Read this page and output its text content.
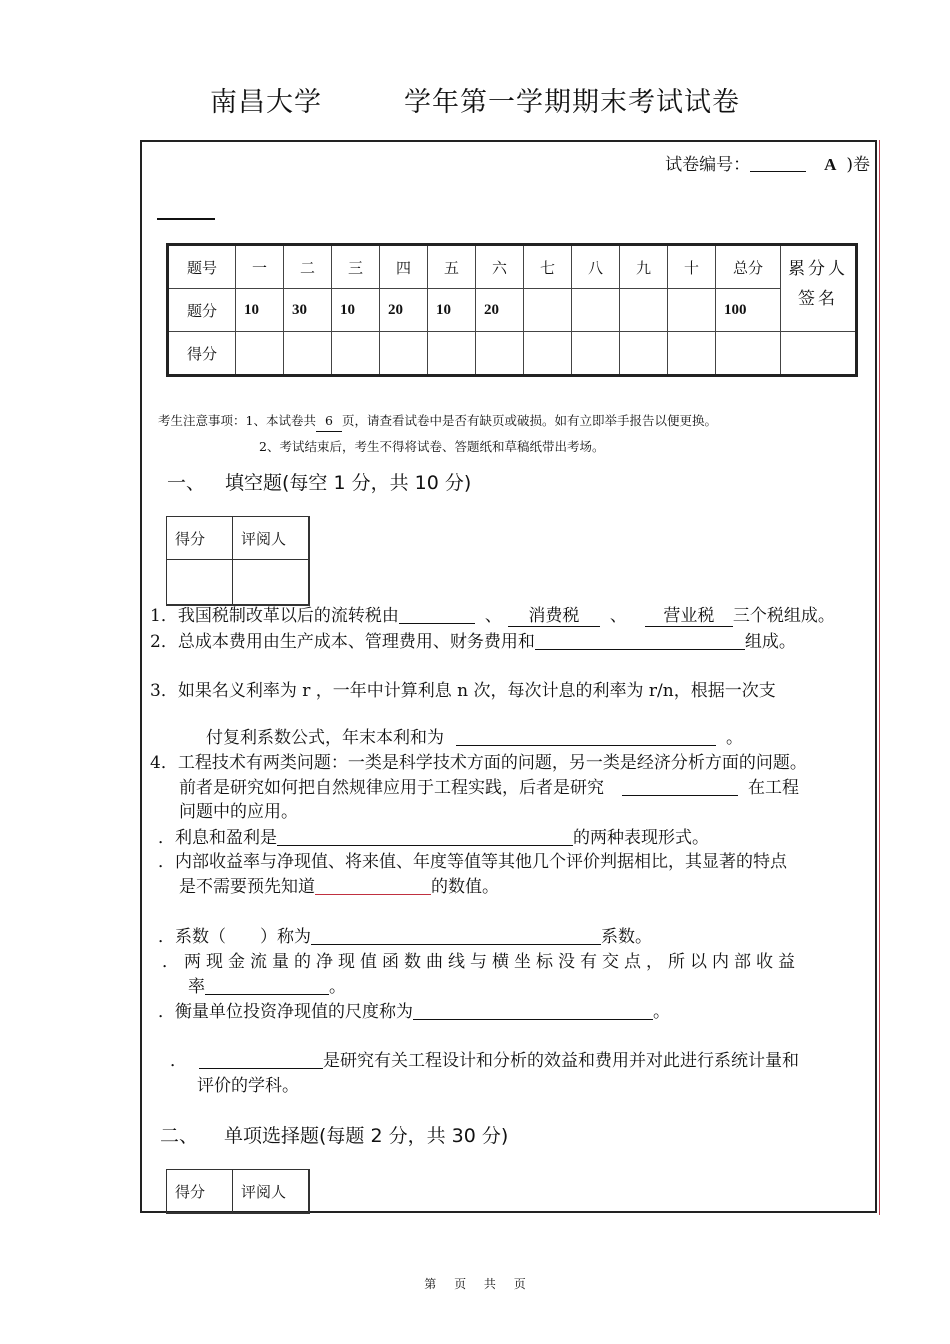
南昌大学	学年第一学期期末考试试卷
试卷编号：	A )卷
题号	一	二	三	四	五	六	七	八	九	十	总分	累分人
签名

题分	10	30	10	20	10	20					100	
得分												
考生注意事项：1、本试卷共 6 页，请查看试卷中是否有缺页或破损。如有立即举手报告以便更换。
2、考试结束后，考生不得将试卷、答题纸和草稿纸带出考场。
一、 填空题(每空 1 分，共 10 分)
得分	评阅人

1．我国税制改革以后的流转税由	、 消费税 、 营业税 三个税组成。
2．总成本费用由生产成本、管理费用、财务费用和	组成。
3．如果名义利率为 r ，一年中计算利息 n 次，每次计息的利率为 r/n，根据一次支
付复利系数公式，年末本利和为	。
4．工程技术有两类问题：一类是科学技术方面的问题，另一类是经济分析方面的问题。
前者是研究如何把自然规律应用于工程实践，后者是研究	在工程
问题中的应用。
．利息和盈利是	的两种表现形式。
．内部收益率与净现值、将来值、年度等值等其他几个评价判据相比，其显著的特点
是不需要预先知道	的数值。
．系数（　　）称为	系数。
．两现金流量的净现值函数曲线与横坐标没有交点，所以内部收益
率	。
．衡量单位投资净现值的尺度称为	。
．	是研究有关工程设计和分析的效益和费用并对此进行系统计量和
评价的学科。
二、 单项选择题(每题 2 分，共 30 分)
得分	评阅人
第 页 共 页
